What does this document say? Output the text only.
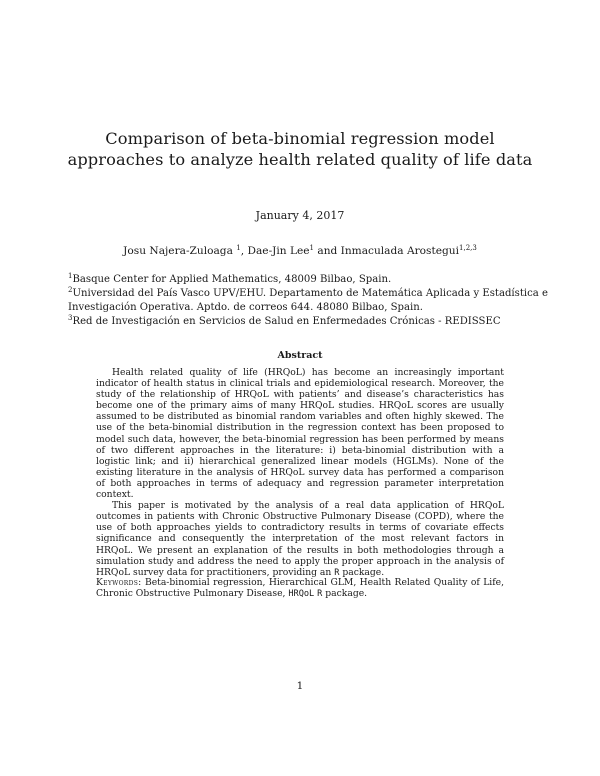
Comparison of beta-binomial regression model approaches to analyze health related quality of life data
January 4, 2017
Josu Najera-Zuloaga $^1$, Dae-Jin Lee$^1$ and Inmaculada Arostegui$^{1,2,3}$

$^1$Basque Center for Applied Mathematics, 48009 Bilbao, Spain.

$^2$Universidad del País Vasco UPV/EHU. Departamento de Matemática Aplicada y Estadística e

Investigación Operativa. Aptdo. de correos 644. 48080 Bilbao, Spain.

$^3$Red de Investigación en Servicios de Salud en Enfermedades Crónicas - REDISSEC

Abstract

Health related quality of life (HRQoL) has become an increasingly important indicator of health status in clinical trials and epidemiological research. Moreover, the study of the relationship of HRQoL with patients’ and disease’s characteristics has become one of the primary aims of many HRQoL studies. HRQoL scores are usually assumed to be distributed as binomial random variables and often highly skewed. The use of the beta-binomial distribution in the regression context has been proposed to model such data, however, the beta-binomial regression has been performed by means of two different approaches in the literature: i) beta-binomial distribution with a logistic link; and ii) hierarchical generalized linear models (HGLMs). None of the existing literature in the analysis of HRQoL survey data has performed a comparison of both approaches in terms of adequacy and regression parameter interpretation context.

This paper is motivated by the analysis of a real data application of HRQoL outcomes in patients with Chronic Obstructive Pulmonary Disease (COPD), where the use of both approaches yields to contradictory results in terms of covariate effects significance and consequently the interpretation of the most relevant factors in HRQoL. We present an explanation of the results in both methodologies through a simulation study and address the need to apply the proper approach in the analysis of HRQoL survey data for practitioners, providing an R package.

Keywords: Beta-binomial regression, Hierarchical GLM, Health Related Quality of Life, Chronic Obstructive Pulmonary Disease, HRQoL R package.
1
